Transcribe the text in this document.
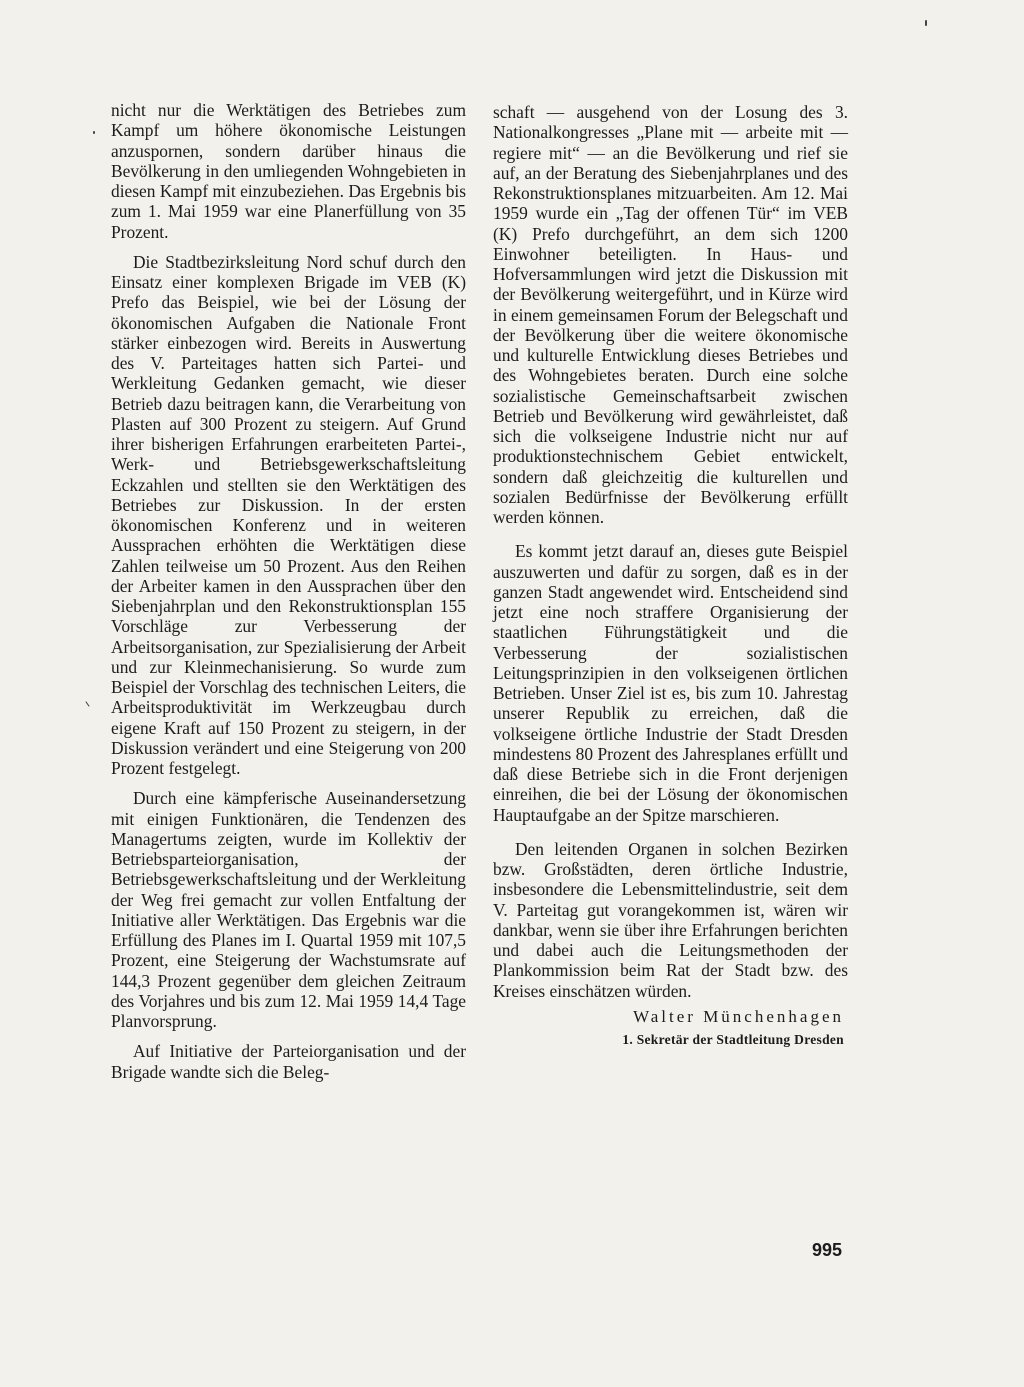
nicht nur die Werktätigen des Betriebes zum Kampf um höhere ökonomische Leistungen anzuspornen, sondern darüber hinaus die Bevölkerung in den umliegenden Wohngebieten in diesen Kampf mit einzubeziehen. Das Ergebnis bis zum 1. Mai 1959 war eine Planerfüllung von 35 Prozent.

Die Stadtbezirksleitung Nord schuf durch den Einsatz einer komplexen Brigade im VEB (K) Prefo das Beispiel, wie bei der Lösung der ökonomischen Aufgaben die Nationale Front stärker einbezogen wird. Bereits in Auswertung des V. Parteitages hatten sich Partei- und Werkleitung Gedanken gemacht, wie dieser Betrieb dazu beitragen kann, die Verarbeitung von Plasten auf 300 Prozent zu steigern. Auf Grund ihrer bisherigen Erfahrungen erarbeiteten Partei-, Werk- und Betriebsgewerkschaftsleitung Eckzahlen und stellten sie den Werktätigen des Betriebes zur Diskussion. In der ersten ökonomischen Konferenz und in weiteren Aussprachen erhöhten die Werktätigen diese Zahlen teilweise um 50 Prozent. Aus den Reihen der Arbeiter kamen in den Aussprachen über den Siebenjahrplan und den Rekonstruktionsplan 155 Vorschläge zur Verbesserung der Arbeitsorganisation, zur Spezialisierung der Arbeit und zur Kleinmechanisierung. So wurde zum Beispiel der Vorschlag des technischen Leiters, die Arbeitsproduktivität im Werkzeugbau durch eigene Kraft auf 150 Prozent zu steigern, in der Diskussion verändert und eine Steigerung von 200 Prozent festgelegt.

Durch eine kämpferische Auseinandersetzung mit einigen Funktionären, die Tendenzen des Managertums zeigten, wurde im Kollektiv der Betriebsparteiorganisation, der Betriebsgewerkschaftsleitung und der Werkleitung der Weg frei gemacht zur vollen Entfaltung der Initiative aller Werktätigen. Das Ergebnis war die Erfüllung des Planes im I. Quartal 1959 mit 107,5 Prozent, eine Steigerung der Wachstumsrate auf 144,3 Prozent gegenüber dem gleichen Zeitraum des Vorjahres und bis zum 12. Mai 1959 14,4 Tage Planvorsprung.

Auf Initiative der Parteiorganisation und der Brigade wandte sich die Beleg-

schaft — ausgehend von der Losung des 3. Nationalkongresses „Plane mit — arbeite mit — regiere mit“ — an die Bevölkerung und rief sie auf, an der Beratung des Siebenjahrplanes und des Rekonstruktionsplanes mitzuarbeiten. Am 12. Mai 1959 wurde ein „Tag der offenen Tür“ im VEB (K) Prefo durchgeführt, an dem sich 1200 Einwohner beteiligten. In Haus- und Hofversammlungen wird jetzt die Diskussion mit der Bevölkerung weitergeführt, und in Kürze wird in einem gemeinsamen Forum der Belegschaft und der Bevölkerung über die weitere ökonomische und kulturelle Entwicklung dieses Betriebes und des Wohngebietes beraten. Durch eine solche sozialistische Gemeinschaftsarbeit zwischen Betrieb und Bevölkerung wird gewährleistet, daß sich die volkseigene Industrie nicht nur auf produktionstechnischem Gebiet entwickelt, sondern daß gleichzeitig die kulturellen und sozialen Bedürfnisse der Bevölkerung erfüllt werden können.

Es kommt jetzt darauf an, dieses gute Beispiel auszuwerten und dafür zu sorgen, daß es in der ganzen Stadt angewendet wird. Entscheidend sind jetzt eine noch straffere Organisierung der staatlichen Führungstätigkeit und die Verbesserung der sozialistischen Leitungsprinzipien in den volkseigenen örtlichen Betrieben. Unser Ziel ist es, bis zum 10. Jahrestag unserer Republik zu erreichen, daß die volkseigene örtliche Industrie der Stadt Dresden mindestens 80 Prozent des Jahresplanes erfüllt und daß diese Betriebe sich in die Front derjenigen einreihen, die bei der Lösung der ökonomischen Hauptaufgabe an der Spitze marschieren.

Den leitenden Organen in solchen Bezirken bzw. Großstädten, deren örtliche Industrie, insbesondere die Lebensmittelindustrie, seit dem V. Parteitag gut vorangekommen ist, wären wir dankbar, wenn sie über ihre Erfahrungen berichten und dabei auch die Leitungsmethoden der Plankommission beim Rat der Stadt bzw. des Kreises einschätzen würden.

Walter Münchenhagen
1. Sekretär der Stadtleitung Dresden
995
